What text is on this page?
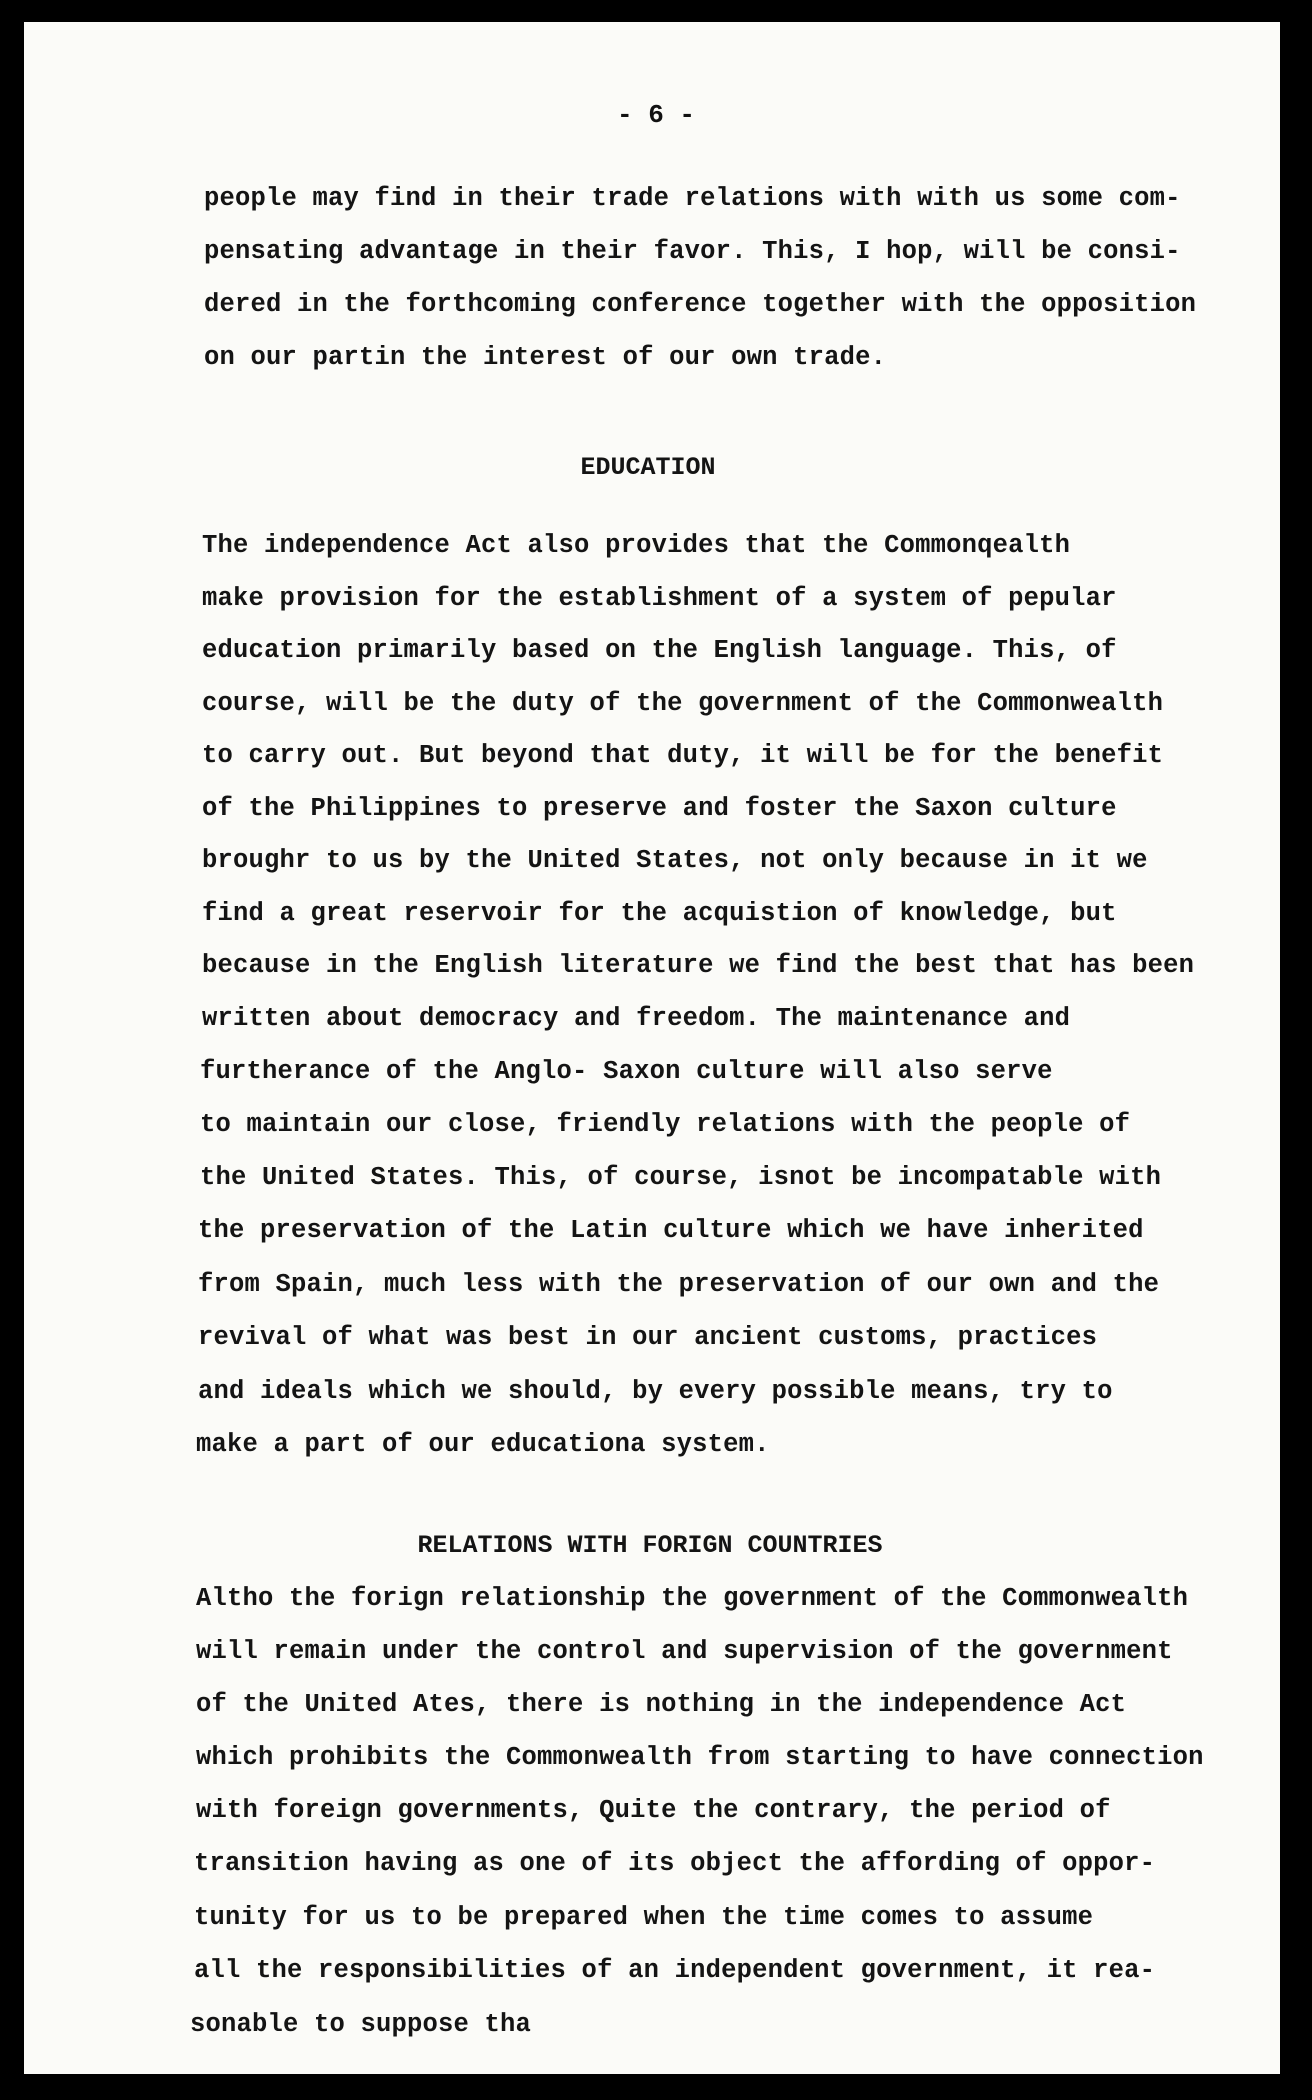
- 6 -
people may find in their trade relations with with us some com-
pensating advantage in their favor. This, I hop, will be consi-
dered in the forthcoming conference together with the opposition
on our partin the interest of our own trade.
EDUCATION
The independence Act also provides that the Commonqealth
make provision for the establishment of a system of pepular
education primarily based on the English language. This, of
course, will be the duty of the government of the Commonwealth
to carry out. But beyond that duty, it will be for the benefit
of the Philippines to preserve and foster the Saxon culture
broughr to us by the United States, not only because in it we
find a great reservoir for the acquistion of knowledge, but
because in the English literature we find the best that has been
written about democracy and freedom. The maintenance and
furtherance of the Anglo- Saxon culture will also serve
to maintain our close, friendly relations with the people of
the United States. This, of course, isnot be incompatable with
the preservation of the Latin culture which we have inherited
from Spain, much less with the preservation of our own and the
revival of what was best in our ancient customs, practices
and ideals which we should, by every possible means, try to
make a part of our educationa system.
RELATIONS WITH FORIGN COUNTRIES
Altho the forign relationship the government of the Commonwealth
will remain under the control and supervision of the government
of the United Ates, there is nothing in the independence Act
which prohibits the Commonwealth from starting to have connection
with foreign governments, Quite the contrary, the period of
transition having as one of its object the affording of oppor-
tunity for us to be prepared when the time comes to assume
all the responsibilities of an independent government, it rea-
sonable to suppose tha
